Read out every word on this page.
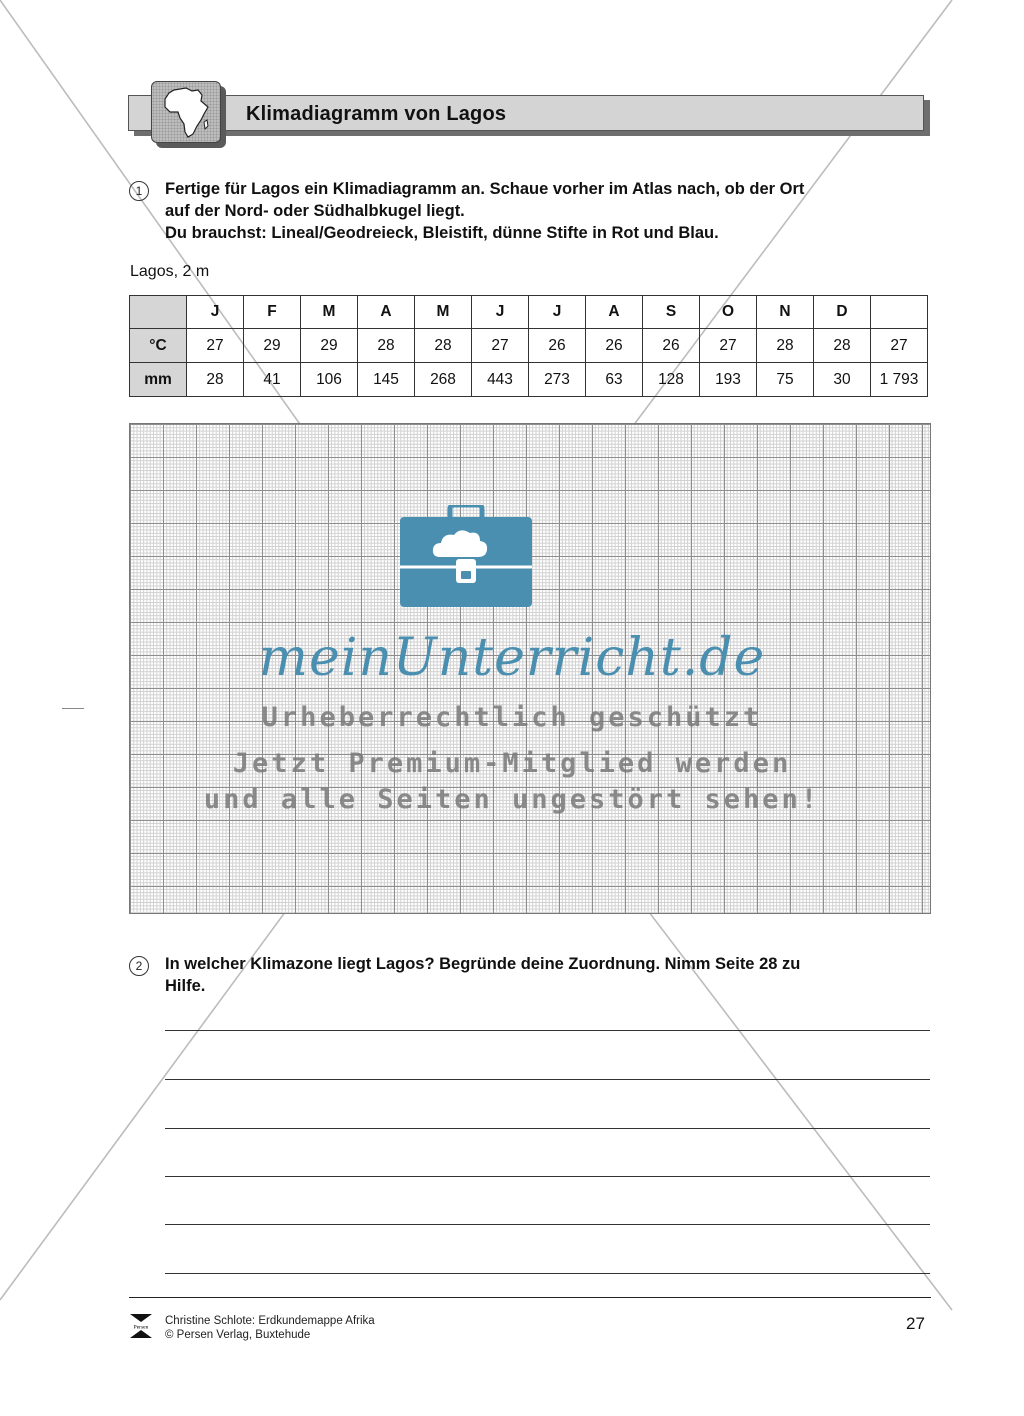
Klimadiagramm von Lagos
1	Fertige für Lagos ein Klimadiagramm an. Schaue vorher im Atlas nach, ob der Ort
auf der Nord- oder Südhalbkugel liegt.
Du brauchst: Lineal/Geodreieck, Bleistift, dünne Stifte in Rot und Blau.
Lagos, 2 m
	J	F	M	A	M	J	J	A	S	O	N	D	
°C	27	29	29	28	28	27	26	26	26	27	28	28	27
mm	28	41	106	145	268	443	273	63	128	193	75	30	1 793
meinUnterricht.de
Urheberrechtlich geschützt
Jetzt Premium-Mitglied werden
und alle Seiten ungestört sehen!
2	In welcher Klimazone liegt Lagos? Begründe deine Zuordnung. Nimm Seite 28 zu
Hilfe.
Persen
Christine Schlote: Erdkundemappe Afrika
© Persen Verlag, Buxtehude
27
